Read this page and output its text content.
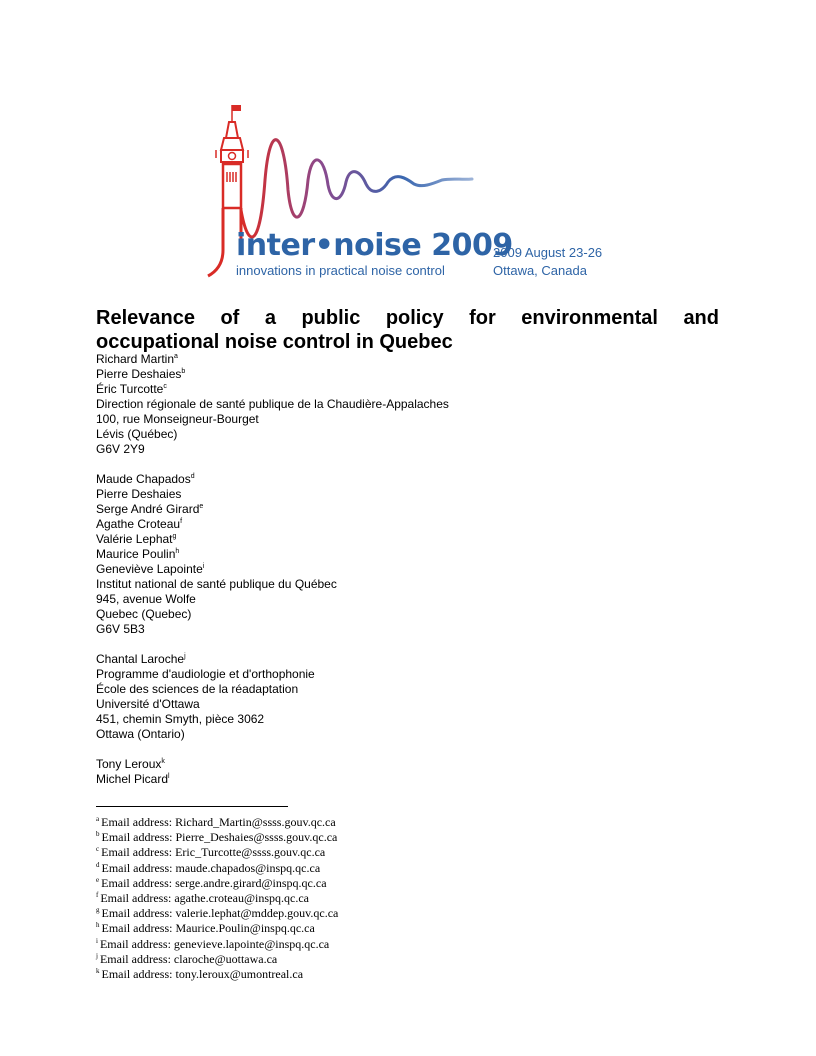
inter•noise 2009
innovations in practical noise control
2009 August 23-26
Ottawa, Canada
Relevance of a public policy for environmental and
occupational noise control in Quebec
Richard Martin$^a$
Pierre Deshaies$^b$
Éric Turcotte$^c$
Direction régionale de santé publique de la Chaudière-Appalaches
100, rue Monseigneur-Bourget
Lévis (Québec)
G6V 2Y9
Maude Chapados$^d$
Pierre Deshaies
Serge André Girard$^e$
Agathe Croteau$^f$
Valérie Lephat$^g$
Maurice Poulin$^h$
Geneviève Lapointe$^i$
Institut national de santé publique du Québec
945, avenue Wolfe
Quebec (Quebec)
G6V 5B3
Chantal Laroche$^j$
Programme d'audiologie et d'orthophonie
École des sciences de la réadaptation
Université d'Ottawa
451, chemin Smyth, pièce 3062
Ottawa (Ontario)
Tony Leroux$^k$
Michel Picard$^l$
$^a$ Email address: Richard_Martin@ssss.gouv.qc.ca
$^b$ Email address: Pierre_Deshaies@ssss.gouv.qc.ca
$^c$ Email address: Eric_Turcotte@ssss.gouv.qc.ca
$^d$ Email address: maude.chapados@inspq.qc.ca
$^e$ Email address: serge.andre.girard@inspq.qc.ca
$^f$ Email address: agathe.croteau@inspq.qc.ca
$^g$ Email address: valerie.lephat@mddep.gouv.qc.ca
$^h$ Email address: Maurice.Poulin@inspq.qc.ca
$^i$ Email address: genevieve.lapointe@inspq.qc.ca
$^j$ Email address: claroche@uottawa.ca
$^k$ Email address: tony.leroux@umontreal.ca
